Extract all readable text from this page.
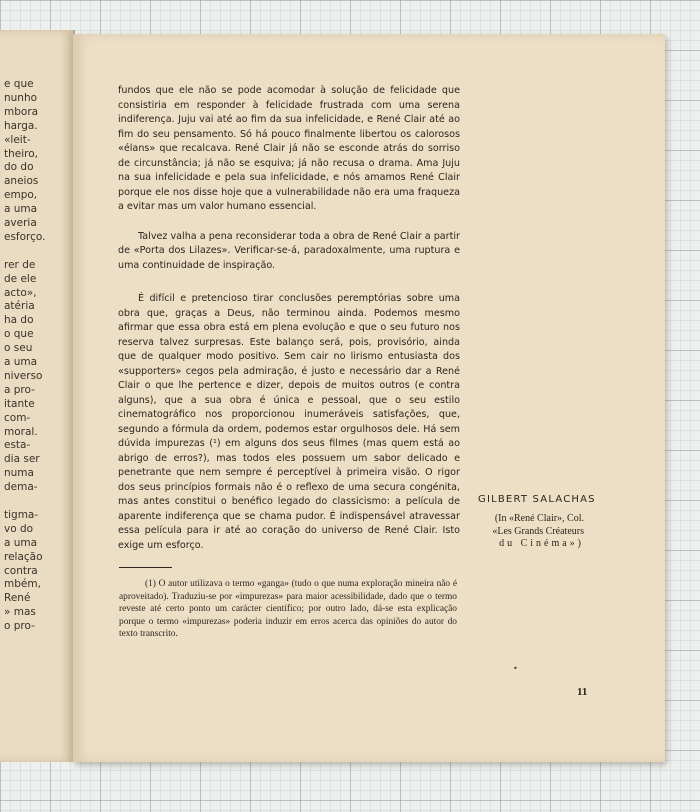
e que
nunho
mbora
harga.
«leit-
theiro,
do do
aneios
empo,
a uma
averia
esforço.
rer de
de ele
acto»,
atéria
ha do
o que
o seu
a uma
niverso
a pro-
itante
com-
moral.
esta-
dia ser
numa
dema-
tigma-
vo do
a uma
relação
contra
mbém,
René
» mas
o pro-

fundos que ele não se pode acomodar à solução de felicidade que consistiria em responder à felicidade frustrada com uma serena indiferença. Juju vai até ao fim da sua infelicidade, e René Clair até ao fim do seu pensamento. Só há pouco finalmente libertou os calorosos «élans» que recalcava. René Clair já não se esconde atrás do sorriso de circunstância; já não se esquiva; já não recusa o drama. Ama Juju na sua infelicidade e pela sua infelicidade, e nós amamos René Clair porque ele nos disse hoje que a vulnerabilidade não era uma fraqueza a evitar mas um valor humano essencial.

Talvez valha a pena reconsiderar toda a obra de René Clair a partir de «Porta dos Lilazes». Verificar-se-á, paradoxalmente, uma ruptura e uma continuidade de inspiração.

É difícil e pretencioso tirar conclusões peremptórias sobre uma obra que, graças a Deus, não terminou ainda. Podemos mesmo afirmar que essa obra está em plena evolução e que o seu futuro nos reserva talvez surpresas. Este balanço será, pois, provisório, ainda que de qualquer modo positivo. Sem cair no lirismo entusiasta dos «supporters» cegos pela admiração, é justo e necessário dar a René Clair o que lhe pertence e dizer, depois de muitos outros (e contra alguns), que a sua obra é única e pessoal, que o seu estilo cinematográfico nos proporcionou inumeráveis satisfações, que, segundo a fórmula da ordem, podemos estar orgulhosos dele. Há sem dúvida impurezas (¹) em alguns dos seus filmes (mas quem está ao abrigo de erros?), mas todos eles possuem um sabor delicado e penetrante que nem sempre é perceptível à primeira visão. O rigor dos seus princípios formais não é o reflexo de uma secura congénita, mas antes constitui o benéfico legado do classicismo: a película de aparente indiferença que se chama pudor. É indispensável atravessar essa película para ir até ao coração do universo de René Clair. Isto exige um esforço.

GILBERT SALACHAS
(In «René Clair», Col.
«Les Grands Créateurs
du Cinéma»)
(1) O autor utilizava o termo «ganga» (tudo o que numa exploração mineira não é aproveitado). Traduziu-se por «impurezas» para maior acessibilidade, dado que o termo reveste até certo ponto um carácter científico; por outro lado, dá-se esta explicação porque o termo «impurezas» poderia induzir em erros acerca das opiniões do autor do texto transcrito.
•
11
